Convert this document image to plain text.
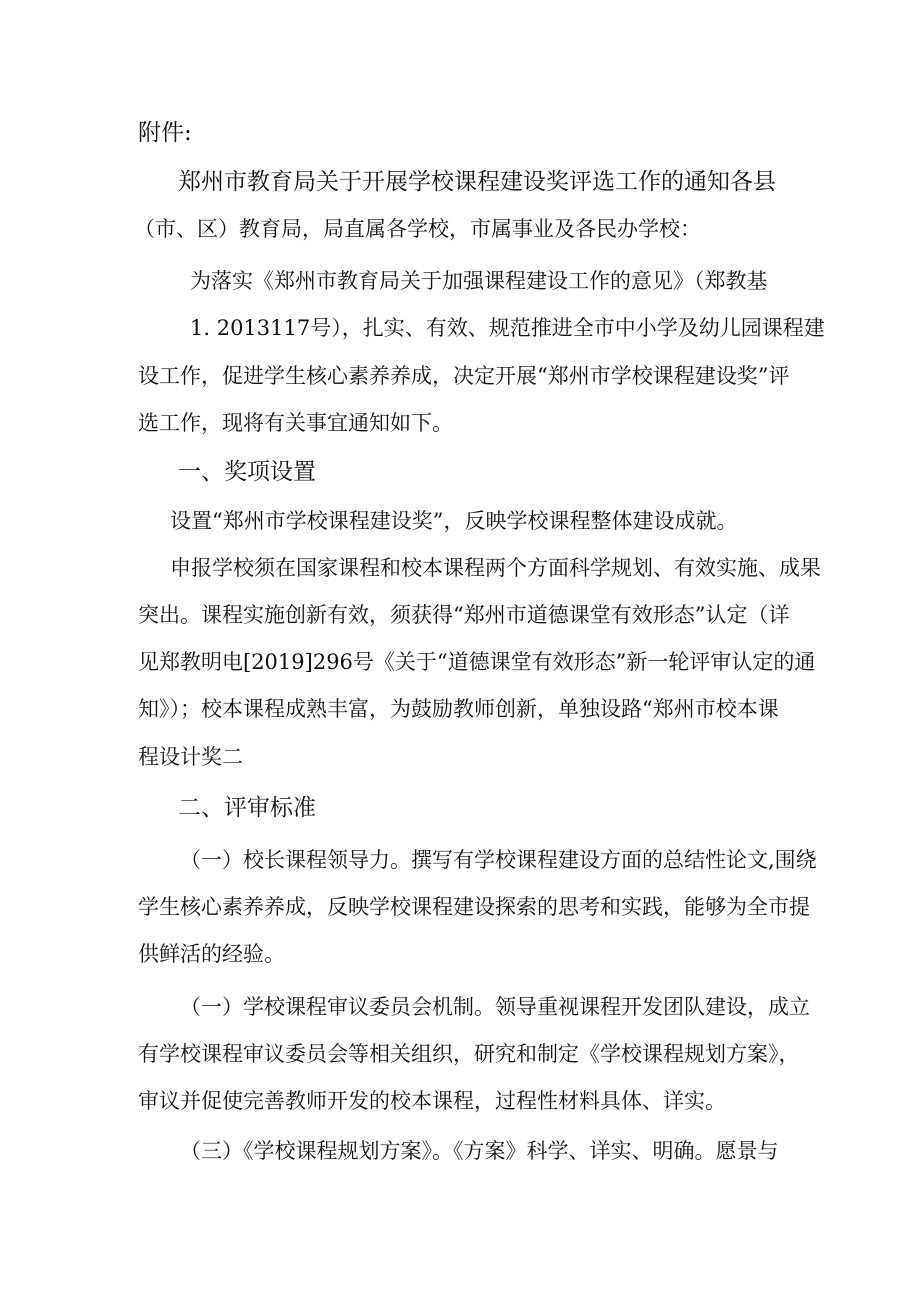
附件:
郑州市教育局关于开展学校课程建设奖评选工作的通知各县
（市、区）教育局，局直属各学校，市属事业及各民办学校：
为落实《郑州市教育局关于加强课程建设工作的意见》（郑教基
1. 2013117号），扎实、有效、规范推进全市中小学及幼儿园课程建
设工作，促进学生核心素养养成，决定开展“郑州市学校课程建设奖”评
选工作，现将有关事宜通知如下。
一、奖项设置
设置“郑州市学校课程建设奖”，反映学校课程整体建设成就。
申报学校须在国家课程和校本课程两个方面科学规划、有效实施、成果
突出。课程实施创新有效，须获得“郑州市道德课堂有效形态”认定（详
见郑教明电[2019]296号《关于“道德课堂有效形态”新一轮评审认定的通
知》）；校本课程成熟丰富，为鼓励教师创新，单独设路“郑州市校本课
程设计奖二
二、评审标准
（一）校长课程领导力。撰写有学校课程建设方面的总结性论文,围绕
学生核心素养养成，反映学校课程建设探索的思考和实践，能够为全市提
供鲜活的经验。
（一）学校课程审议委员会机制。领导重视课程开发团队建设，成立
有学校课程审议委员会等相关组织，研究和制定《学校课程规划方案》，
审议并促使完善教师开发的校本课程，过程性材料具体、详实。
（三）《学校课程规划方案》。《方案》科学、详实、明确。愿景与
